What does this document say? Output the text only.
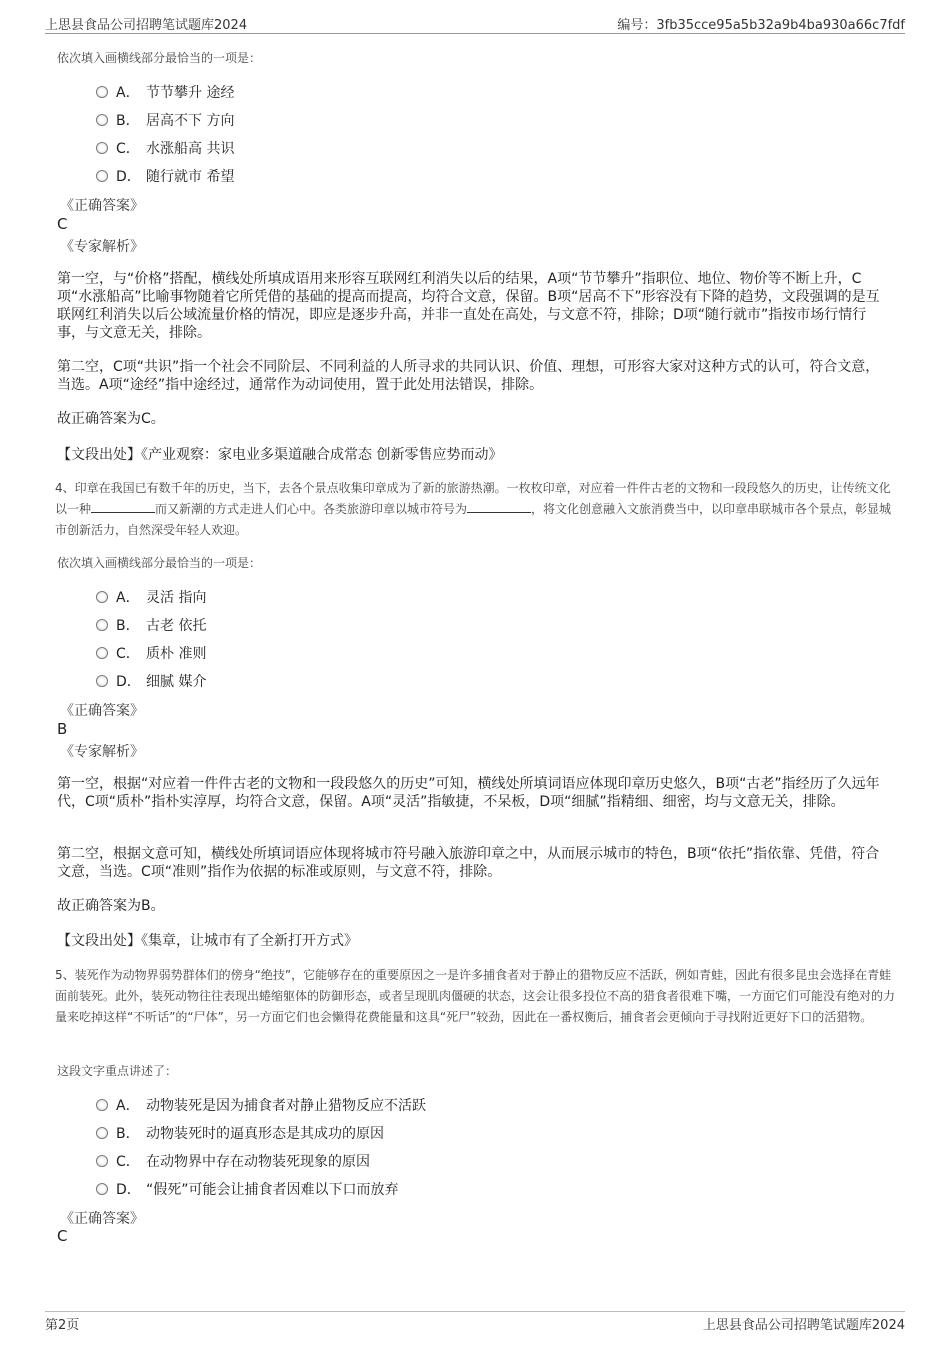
上思县食品公司招聘笔试题库2024	编号：3fb35cce95a5b32a9b4ba930a66c7fdf
依次填入画横线部分最恰当的一项是：
A． 节节攀升 途经
B． 居高不下 方向
C． 水涨船高 共识
D． 随行就市 希望
《正确答案》
C
《专家解析》
第一空，与“价格”搭配，横线处所填成语用来形容互联网红利消失以后的结果，A项“节节攀升”指职位、地位、物价等不断上升，C项“水涨船高”比喻事物随着它所凭借的基础的提高而提高，均符合文意，保留。B项“居高不下”形容没有下降的趋势，文段强调的是互联网红利消失以后公域流量价格的情况，即应是逐步升高，并非一直处在高处，与文意不符，排除；D项“随行就市”指按市场行情行事，与文意无关，排除。
第二空，C项“共识”指一个社会不同阶层、不同利益的人所寻求的共同认识、价值、理想，可形容大家对这种方式的认可，符合文意，当选。A项“途经”指中途经过，通常作为动词使用，置于此处用法错误，排除。
故正确答案为C。
【文段出处】《产业观察：家电业多渠道融合成常态 创新零售应势而动》
4、印章在我国已有数千年的历史，当下，去各个景点收集印章成为了新的旅游热潮。一枚枚印章，对应着一件件古老的文物和一段段悠久的历史，让传统文化以一种	而又新潮的方式走进人们心中。各类旅游印章以城市符号为	，将文化创意融入文旅消费当中，以印章串联城市各个景点，彰显城市创新活力，自然深受年轻人欢迎。
依次填入画横线部分最恰当的一项是：
A． 灵活 指向
B． 古老 依托
C． 质朴 准则
D． 细腻 媒介
《正确答案》
B
《专家解析》
第一空，根据“对应着一件件古老的文物和一段段悠久的历史”可知，横线处所填词语应体现印章历史悠久，B项“古老”指经历了久远年代，C项“质朴”指朴实淳厚，均符合文意，保留。A项“灵活”指敏捷，不呆板，D项“细腻”指精细、细密，均与文意无关，排除。
第二空，根据文意可知，横线处所填词语应体现将城市符号融入旅游印章之中，从而展示城市的特色，B项“依托”指依靠、凭借，符合文意，当选。C项“准则”指作为依据的标准或原则，与文意不符，排除。
故正确答案为B。
【文段出处】《集章，让城市有了全新打开方式》
5、装死作为动物界弱势群体们的傍身“绝技”，它能够存在的重要原因之一是许多捕食者对于静止的猎物反应不活跃，例如青蛙，因此有很多昆虫会选择在青蛙面前装死。此外，装死动物往往表现出蜷缩躯体的防御形态，或者呈现肌肉僵硬的状态，这会让很多投位不高的猎食者很难下嘴，一方面它们可能没有绝对的力量来吃掉这样“不听话”的“尸体”，另一方面它们也会懒得花费能量和这具“死尸”较劲，因此在一番权衡后，捕食者会更倾向于寻找附近更好下口的活猎物。
这段文字重点讲述了：
A． 动物装死是因为捕食者对静止猎物反应不活跃
B． 动物装死时的逼真形态是其成功的原因
C． 在动物界中存在动物装死现象的原因
D． “假死”可能会让捕食者因难以下口而放弃
《正确答案》
C
第2页	上思县食品公司招聘笔试题库2024
